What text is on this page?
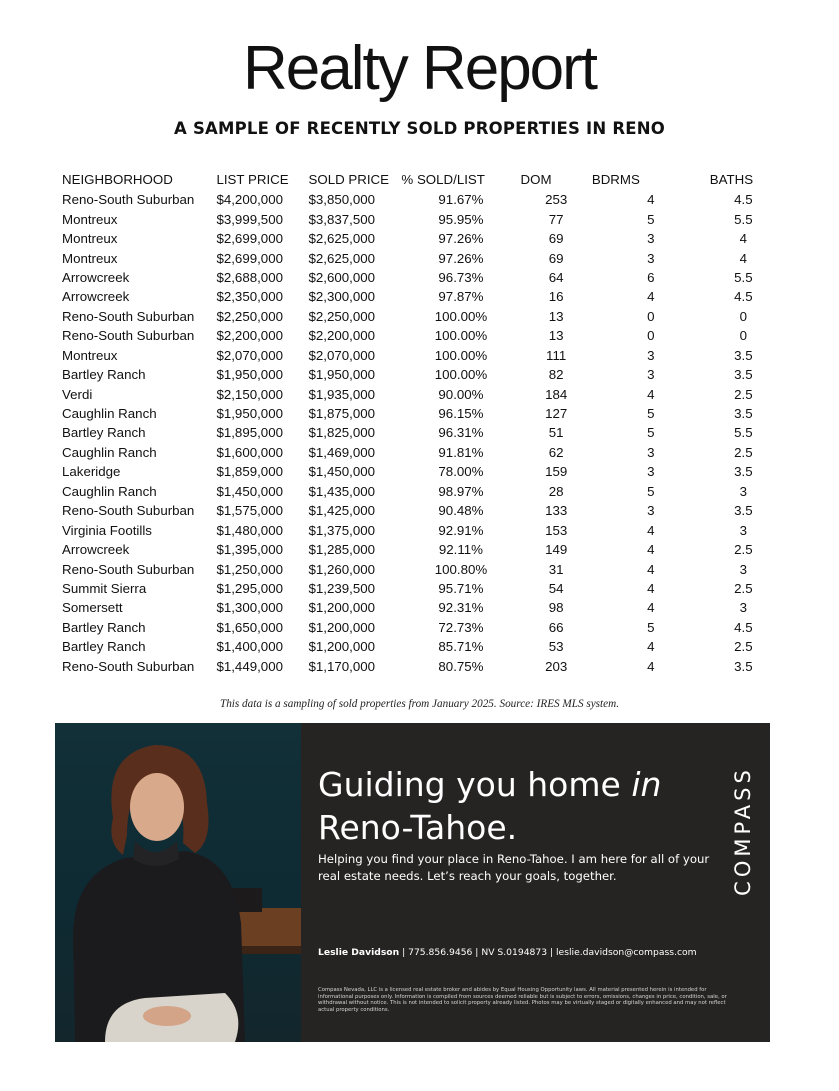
Realty Report
A SAMPLE OF RECENTLY SOLD PROPERTIES IN RENO
NEIGHBORHOOD	LIST PRICE	SOLD PRICE	% SOLD/LIST	DOM	BDRMS	BATHS
Reno-South Suburban	$4,200,000	$3,850,000	91.67%	253	4	4.5
Montreux	$3,999,500	$3,837,500	95.95%	77	5	5.5
Montreux	$2,699,000	$2,625,000	97.26%	69	3	4
Montreux	$2,699,000	$2,625,000	97.26%	69	3	4
Arrowcreek	$2,688,000	$2,600,000	96.73%	64	6	5.5
Arrowcreek	$2,350,000	$2,300,000	97.87%	16	4	4.5
Reno-South Suburban	$2,250,000	$2,250,000	100.00%	13	0	0
Reno-South Suburban	$2,200,000	$2,200,000	100.00%	13	0	0
Montreux	$2,070,000	$2,070,000	100.00%	111	3	3.5
Bartley Ranch	$1,950,000	$1,950,000	100.00%	82	3	3.5
Verdi	$2,150,000	$1,935,000	90.00%	184	4	2.5
Caughlin Ranch	$1,950,000	$1,875,000	96.15%	127	5	3.5
Bartley Ranch	$1,895,000	$1,825,000	96.31%	51	5	5.5
Caughlin Ranch	$1,600,000	$1,469,000	91.81%	62	3	2.5
Lakeridge	$1,859,000	$1,450,000	78.00%	159	3	3.5
Caughlin Ranch	$1,450,000	$1,435,000	98.97%	28	5	3
Reno-South Suburban	$1,575,000	$1,425,000	90.48%	133	3	3.5
Virginia Footills	$1,480,000	$1,375,000	92.91%	153	4	3
Arrowcreek	$1,395,000	$1,285,000	92.11%	149	4	2.5
Reno-South Suburban	$1,250,000	$1,260,000	100.80%	31	4	3
Summit Sierra	$1,295,000	$1,239,500	95.71%	54	4	2.5
Somersett	$1,300,000	$1,200,000	92.31%	98	4	3
Bartley Ranch	$1,650,000	$1,200,000	72.73%	66	5	4.5
Bartley Ranch	$1,400,000	$1,200,000	85.71%	53	4	2.5
Reno-South Suburban	$1,449,000	$1,170,000	80.75%	203	4	3.5
This data is a sampling of sold properties from January 2025. Source: IRES MLS system.
Guiding you home in
Reno-Tahoe.
Helping you find your place in Reno-Tahoe. I am here for all of your real estate needs. Let’s reach your goals, together.
Leslie Davidson | 775.856.9456 | NV S.0194873 | leslie.davidson@compass.com
Compass Nevada, LLC is a licensed real estate broker and abides by Equal Housing Opportunity laws. All material presented herein is intended for informational purposes only. Information is compiled from sources deemed reliable but is subject to errors, omissions, changes in price, condition, sale, or withdrawal without notice. This is not intended to solicit property already listed. Photos may be virtually staged or digitally enhanced and may not reflect actual property conditions.
COMPASS
